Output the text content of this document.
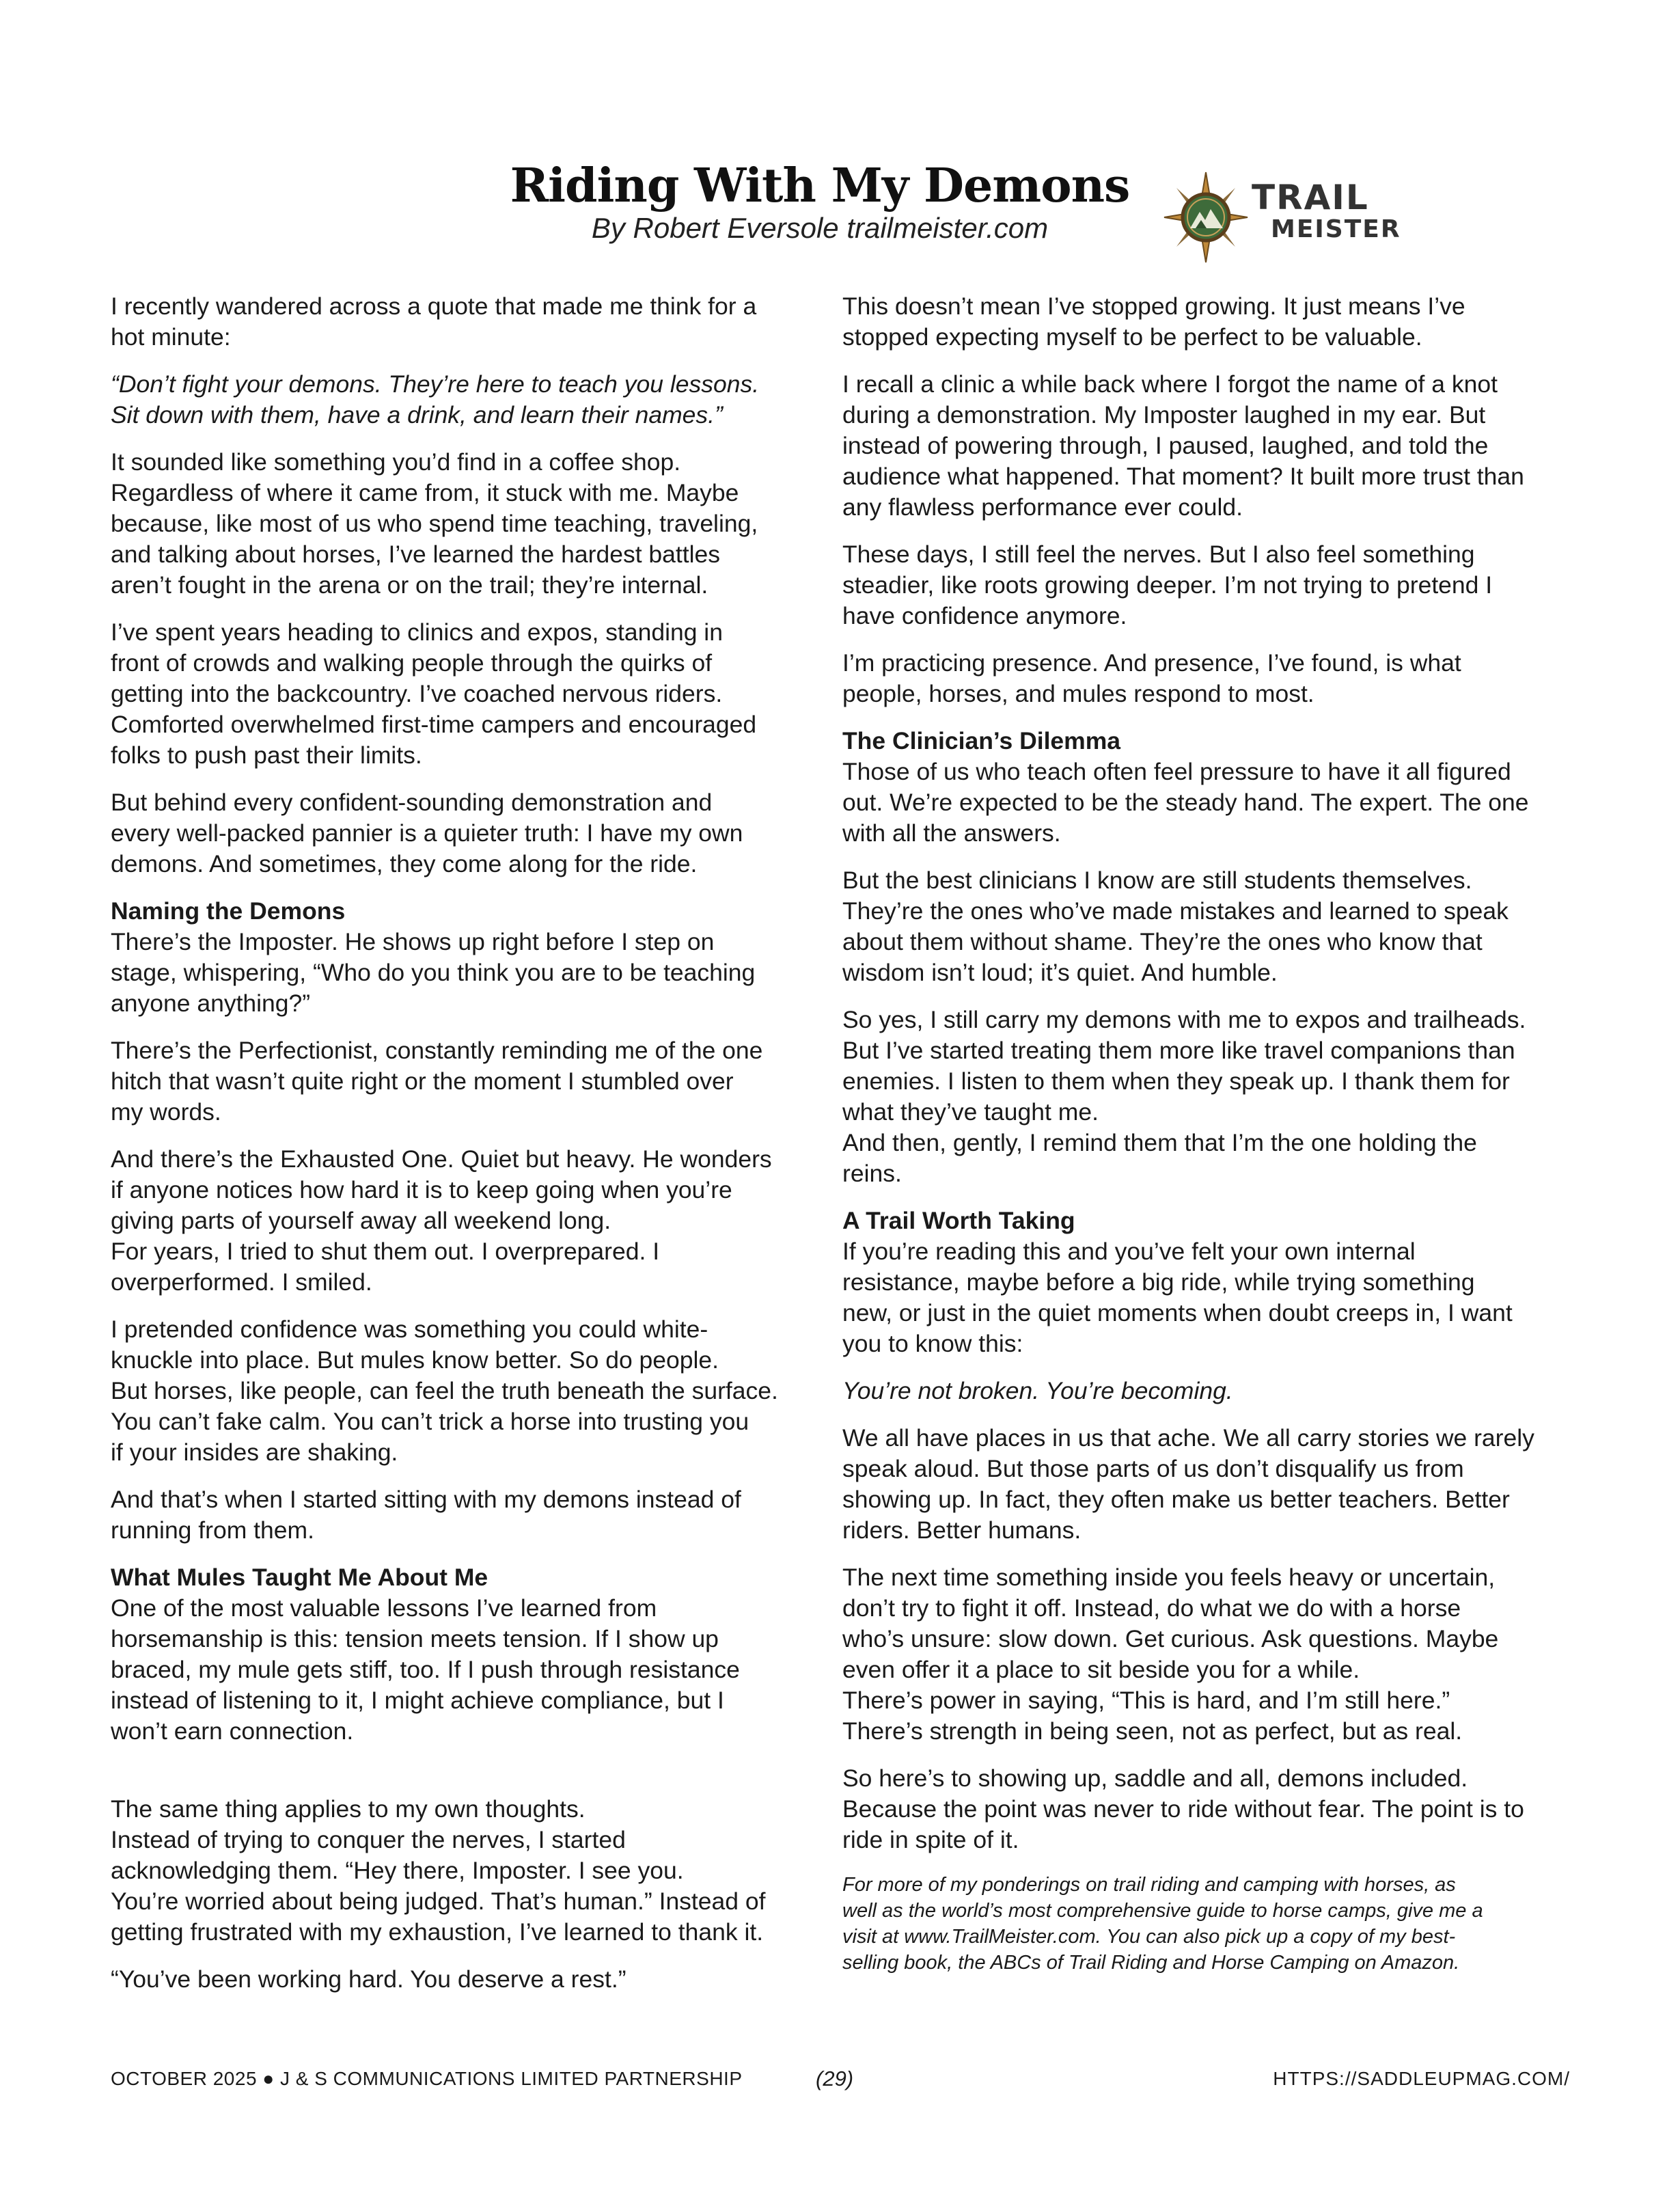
Riding With My Demons
By Robert Eversole trailmeister.com
TRAIL
MEISTER

I recently wandered across a quote that made me think for a
hot minute:

“Don’t fight your demons. They’re here to teach you lessons.
Sit down with them, have a drink, and learn their names.”

It sounded like something you’d find in a coffee shop.
Regardless of where it came from, it stuck with me. Maybe
because, like most of us who spend time teaching, traveling,
and talking about horses, I’ve learned the hardest battles
aren’t fought in the arena or on the trail; they’re internal.

I’ve spent years heading to clinics and expos, standing in
front of crowds and walking people through the quirks of
getting into the backcountry. I’ve coached nervous riders.
Comforted overwhelmed first-time campers and encouraged
folks to push past their limits.

But behind every confident-sounding demonstration and
every well-packed pannier is a quieter truth: I have my own
demons. And sometimes, they come along for the ride.

Naming the Demons
There’s the Imposter. He shows up right before I step on
stage, whispering, “Who do you think you are to be teaching
anyone anything?”

There’s the Perfectionist, constantly reminding me of the one
hitch that wasn’t quite right or the moment I stumbled over
my words.

And there’s the Exhausted One. Quiet but heavy. He wonders
if anyone notices how hard it is to keep going when you’re
giving parts of yourself away all weekend long.
For years, I tried to shut them out. I overprepared. I
overperformed. I smiled.

I pretended confidence was something you could white-
knuckle into place. But mules know better. So do people.
But horses, like people, can feel the truth beneath the surface.
You can’t fake calm. You can’t trick a horse into trusting you
if your insides are shaking.

And that’s when I started sitting with my demons instead of
running from them.

What Mules Taught Me About Me
One of the most valuable lessons I’ve learned from
horsemanship is this: tension meets tension. If I show up
braced, my mule gets stiff, too. If I push through resistance
instead of listening to it, I might achieve compliance, but I
won’t earn connection.

The same thing applies to my own thoughts.
Instead of trying to conquer the nerves, I started
acknowledging them. “Hey there, Imposter. I see you.
You’re worried about being judged. That’s human.” Instead of
getting frustrated with my exhaustion, I’ve learned to thank it.

“You’ve been working hard. You deserve a rest.”

This doesn’t mean I’ve stopped growing. It just means I’ve
stopped expecting myself to be perfect to be valuable.

I recall a clinic a while back where I forgot the name of a knot
during a demonstration. My Imposter laughed in my ear. But
instead of powering through, I paused, laughed, and told the
audience what happened. That moment? It built more trust than
any flawless performance ever could.

These days, I still feel the nerves. But I also feel something
steadier, like roots growing deeper. I’m not trying to pretend I
have confidence anymore.

I’m practicing presence. And presence, I’ve found, is what
people, horses, and mules respond to most.

The Clinician’s Dilemma
Those of us who teach often feel pressure to have it all figured
out. We’re expected to be the steady hand. The expert. The one
with all the answers.

But the best clinicians I know are still students themselves.
They’re the ones who’ve made mistakes and learned to speak
about them without shame. They’re the ones who know that
wisdom isn’t loud; it’s quiet. And humble.

So yes, I still carry my demons with me to expos and trailheads.
But I’ve started treating them more like travel companions than
enemies. I listen to them when they speak up. I thank them for
what they’ve taught me.
And then, gently, I remind them that I’m the one holding the
reins.

A Trail Worth Taking
If you’re reading this and you’ve felt your own internal
resistance, maybe before a big ride, while trying something
new, or just in the quiet moments when doubt creeps in, I want
you to know this:

You’re not broken. You’re becoming.

We all have places in us that ache. We all carry stories we rarely
speak aloud. But those parts of us don’t disqualify us from
showing up. In fact, they often make us better teachers. Better
riders. Better humans.

The next time something inside you feels heavy or uncertain,
don’t try to fight it off. Instead, do what we do with a horse
who’s unsure: slow down. Get curious. Ask questions. Maybe
even offer it a place to sit beside you for a while.
There’s power in saying, “This is hard, and I’m still here.”
There’s strength in being seen, not as perfect, but as real.

So here’s to showing up, saddle and all, demons included.
Because the point was never to ride without fear. The point is to
ride in spite of it.

For more of my ponderings on trail riding and camping with horses, as
well as the world’s most comprehensive guide to horse camps, give me a
visit at www.TrailMeister.com. You can also pick up a copy of my best-
selling book, the ABCs of Trail Riding and Horse Camping on Amazon.

OCTOBER 2025 ● J & S COMMUNICATIONS LIMITED PARTNERSHIP	(29)	HTTPS://SADDLEUPMAG.COM/
